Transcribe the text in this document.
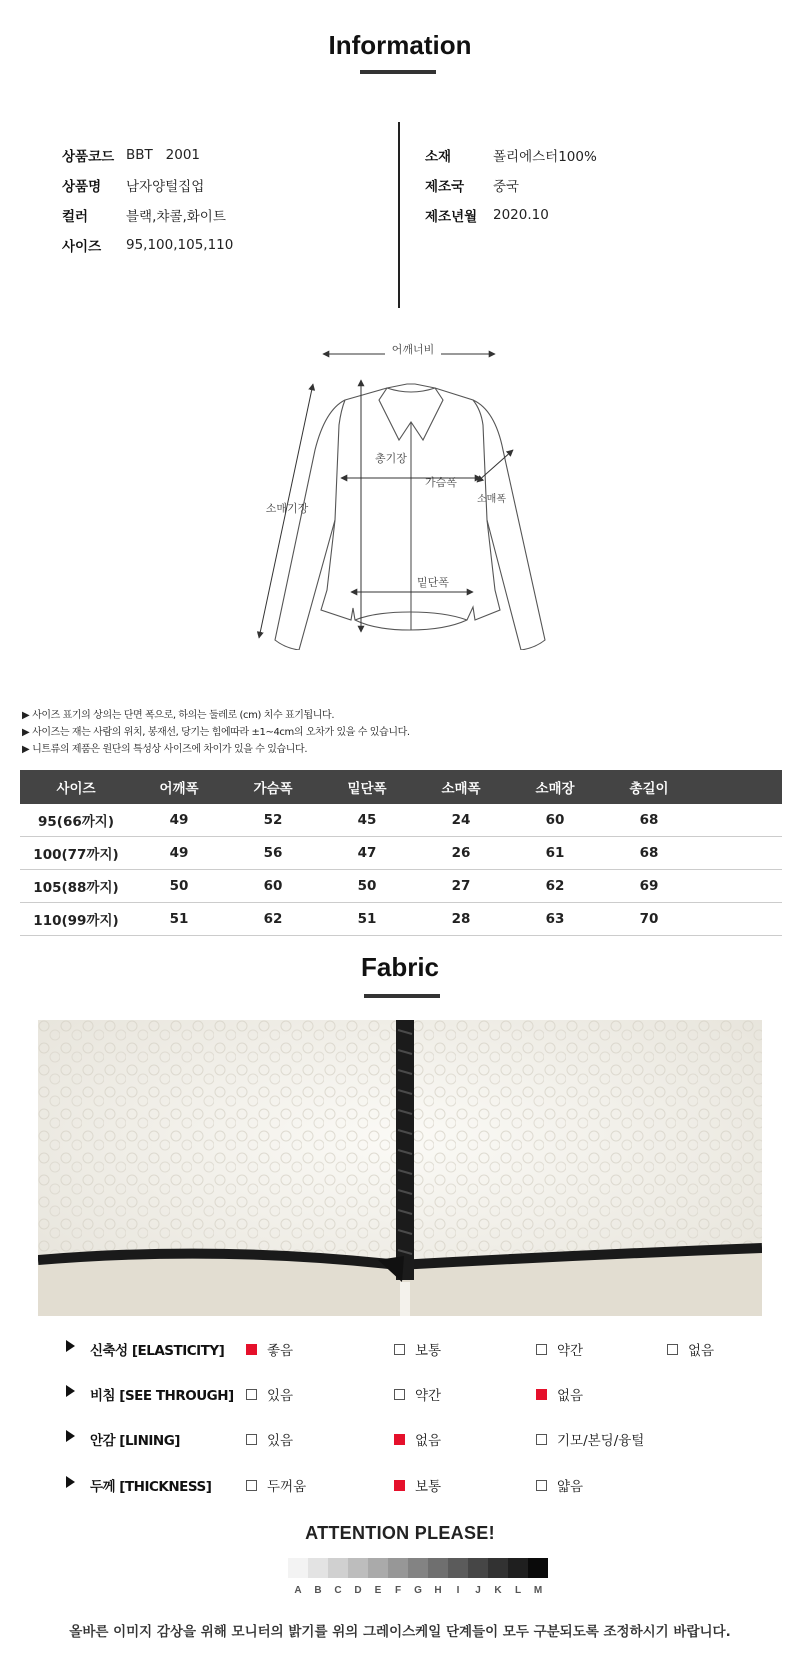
Information
상품코드 BBT   2001
상품명	남자양털집업
컬러	블랙,챠콜,화이트
사이즈	95,100,105,110
소재	폴리에스터100%
제조국	중국
제조년월	2020.10
어깨너비
총기장
가슴폭
소매폭
소매기장
밑단폭
▶ 사이즈 표기의 상의는 단면 폭으로, 하의는 둘레로 (cm) 치수 표기됩니다.
▶ 사이즈는 재는 사람의 위치, 봉재선, 당기는 힘에따라 ±1~4cm의 오차가 있을 수 있습니다.
▶ 니트류의 제품은 원단의 특성상 사이즈에 차이가 있을 수 있습니다.
사이즈	어깨폭	가슴폭	밑단폭	소매폭	소매장	총길이	
95(66까지)	49	52	45	24	60	68	
100(77까지)	49	56	47	26	61	68	
105(88까지)	50	60	50	27	62	69	
110(99까지)	51	62	51	28	63	70	
Fabric
신축성 [ELASTICITY]	좋음	보통	약간	없음
비침 [SEE THROUGH] 있음	약간	없음
안감 [LINING]	있음	없음	기모/본딩/융털
두께 [THICKNESS]	두꺼움	보통	얇음
ATTENTION PLEASE!
A	B	C	D	E	F	G	H	I	J	K	L	M
올바른 이미지 감상을 위해 모니터의 밝기를 위의 그레이스케일 단계들이 모두 구분되도록 조정하시기 바랍니다.
